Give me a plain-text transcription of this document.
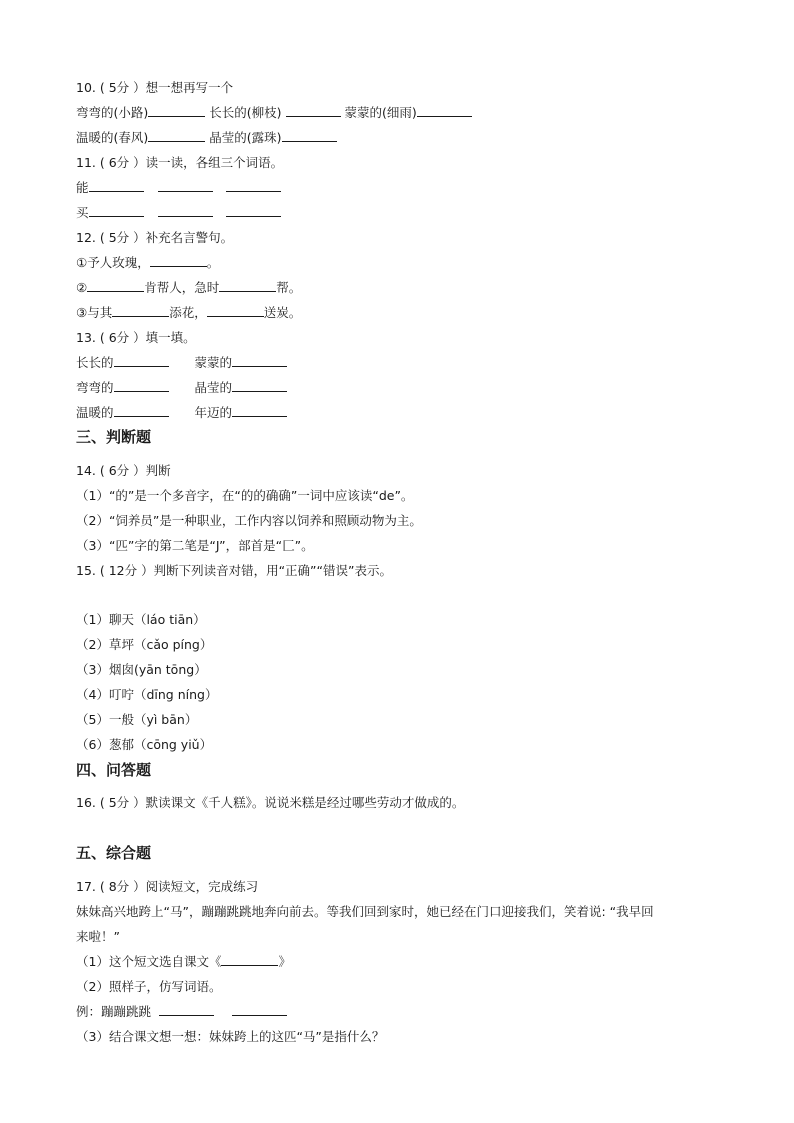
10. ( 5分 ）想一想再写一个
弯弯的(小路)	长长的(柳枝)	蒙蒙的(细雨)
温暖的(春风)	晶莹的(露珠)
11. ( 6分 ）读一读，各组三个词语。
能
买
12. ( 5分 ）补充名言警句。
①予人玫瑰，	。
②	肯帮人，急时	帮。
③与其	添花，	送炭。
13. ( 6分 ）填一填。
长长的	蒙蒙的
弯弯的	晶莹的
温暖的	年迈的
三、判断题
14. ( 6分 ）判断
（1）“的”是一个多音字，在“的的确确”一词中应该读“de”。
（2）“饲养员”是一种职业，工作内容以饲养和照顾动物为主。
（3）“匹”字的第二笔是“J”，部首是“匚”。
15. ( 12分 ）判断下列读音对错，用“正确”“错误”表示。
（1）聊天（láo tiān）
（2）草坪（cǎo píng）
（3）烟囱(yān tōng）
（4）叮咛（dīng níng）
（5）一般（yì bān）
（6）葱郁（cōng yiǔ）
四、问答题
16. ( 5分 ）默读课文《千人糕》。说说米糕是经过哪些劳动才做成的。
五、综合题
17. ( 8分 ）阅读短文，完成练习
妹妹高兴地跨上“马”，蹦蹦跳跳地奔向前去。等我们回到家时，她已经在门口迎接我们，笑着说: “我早回
来啦！”
（1）这个短文选自课文《	》
（2）照样子，仿写词语。
例：蹦蹦跳跳
（3）结合课文想一想：妹妹跨上的这匹“马”是指什么？
